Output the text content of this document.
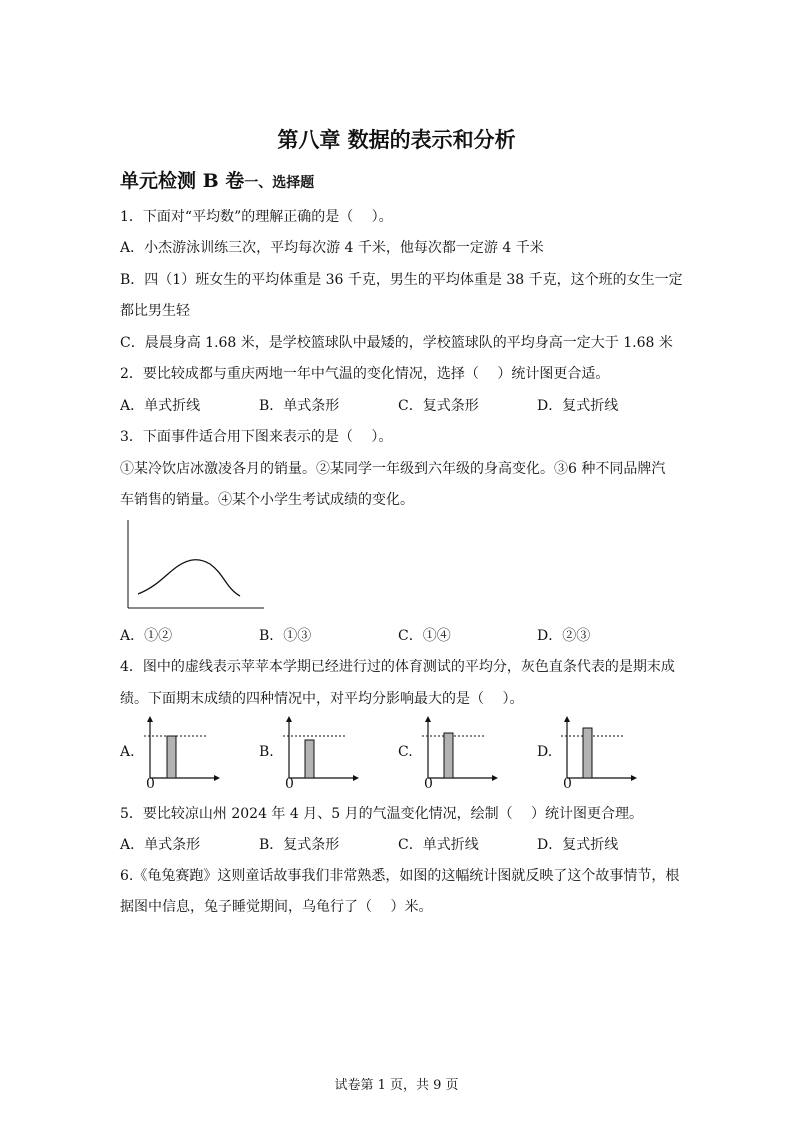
第八章 数据的表示和分析
单元检测 B 卷一、选择题
1．下面对“平均数”的理解正确的是（　 ）。
A．小杰游泳训练三次，平均每次游 4 千米，他每次都一定游 4 千米
B．四（1）班女生的平均体重是 36 千克，男生的平均体重是 38 千克，这个班的女生一定
都比男生轻
C．晨晨身高 1.68 米，是学校篮球队中最矮的，学校篮球队的平均身高一定大于 1.68 米
2．要比较成都与重庆两地一年中气温的变化情况，选择（　 ）统计图更合适。
A．单式折线	B．单式条形	C．复式条形	D．复式折线
3．下面事件适合用下图来表示的是（　 ）。
①某冷饮店冰激凌各月的销量。②某同学一年级到六年级的身高变化。③6 种不同品牌汽
车销售的销量。④某个小学生考试成绩的变化。
A．①②	B．①③	C．①④	D．②③
4．图中的虚线表示苹苹本学期已经进行过的体育测试的平均分，灰色直条代表的是期末成
绩。下面期末成绩的四种情况中，对平均分影响最大的是（　 ）。
A.
0
B.
0
C.
0
D.
0
5．要比较凉山州 2024 年 4 月、5 月的气温变化情况，绘制（　 ）统计图更合理。
A．单式条形	B．复式条形	C．单式折线	D．复式折线
6.《龟兔赛跑》这则童话故事我们非常熟悉，如图的这幅统计图就反映了这个故事情节，根
据图中信息，兔子睡觉期间，乌龟行了（　 ）米。
试卷第 1 页，共 9 页
